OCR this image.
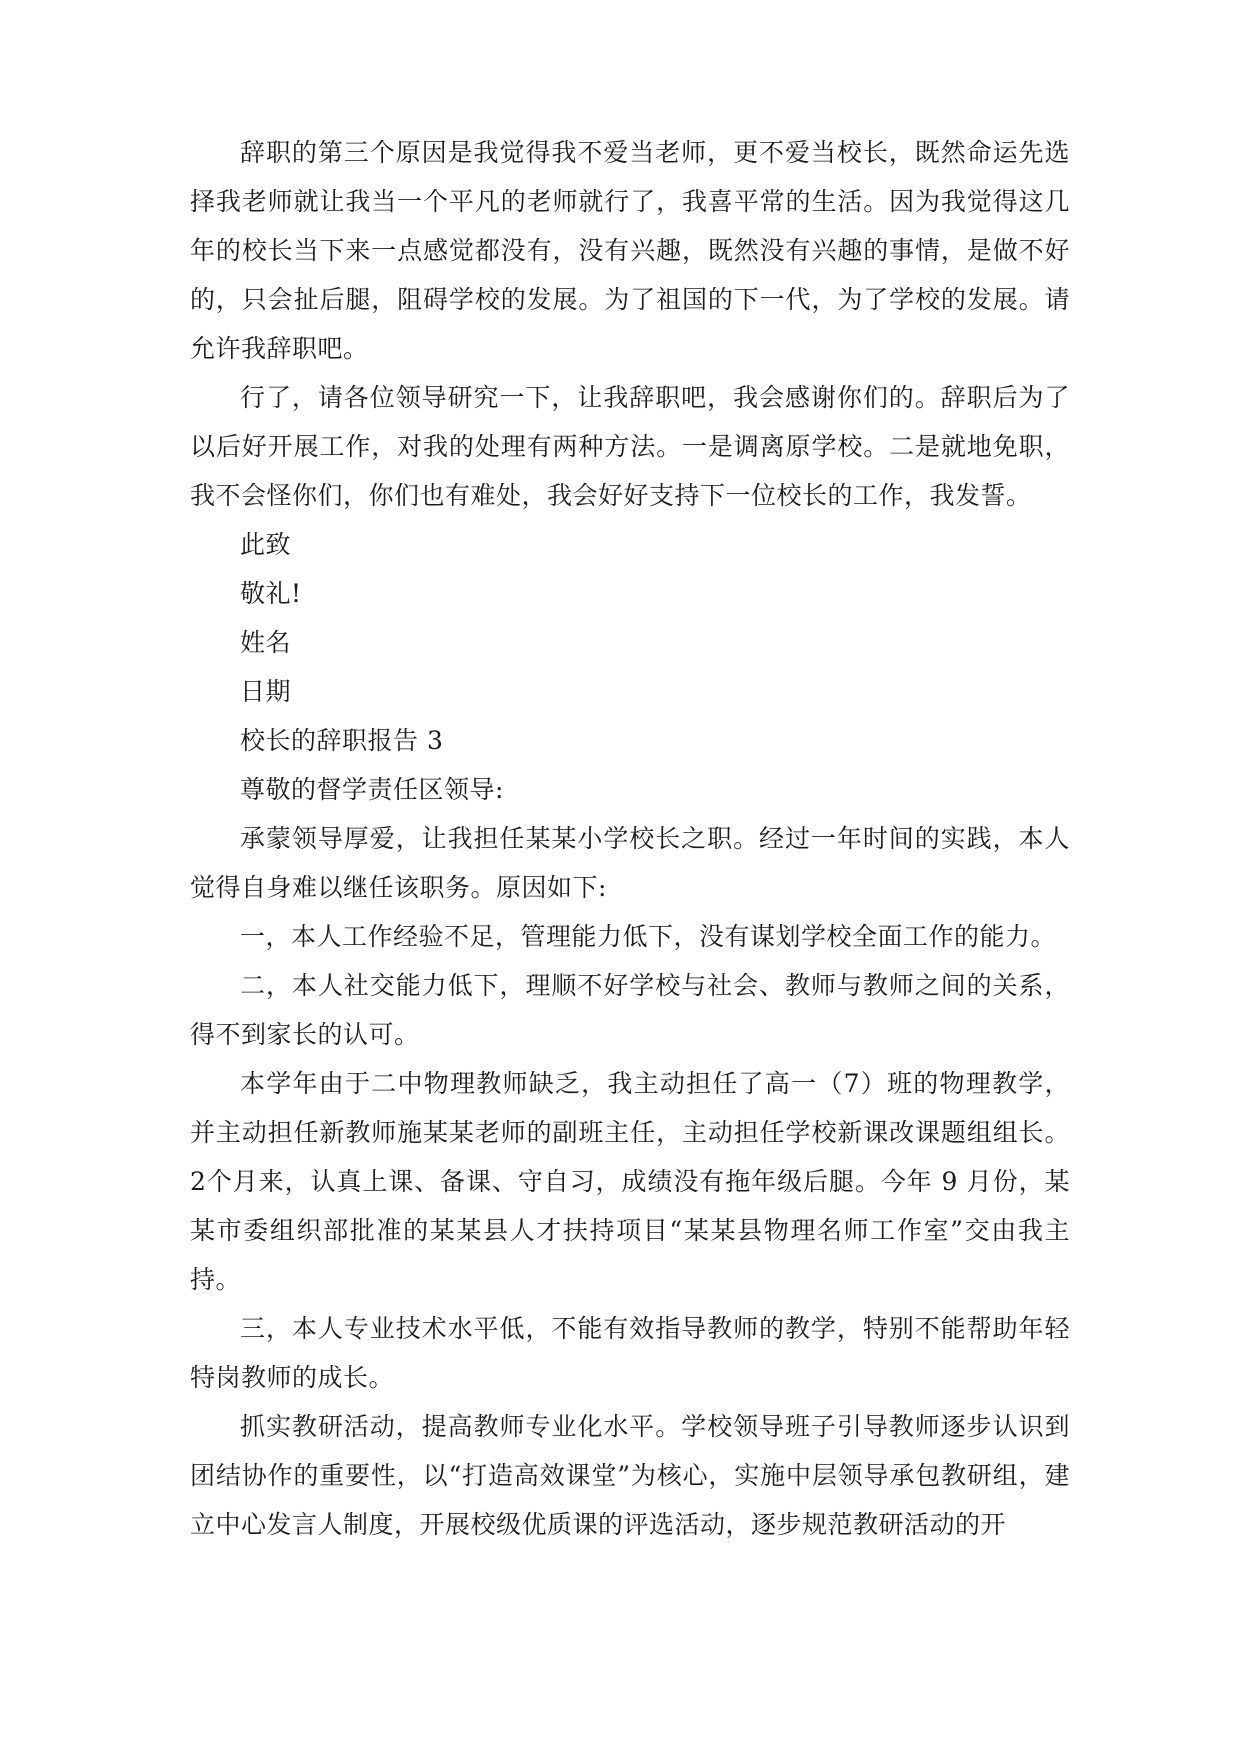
辞职的第三个原因是我觉得我不爱当老师，更不爱当校长，既然命运先选择我老师就让我当一个平凡的老师就行了，我喜平常的生活。因为我觉得这几年的校长当下来一点感觉都没有，没有兴趣，既然没有兴趣的事情，是做不好的，只会扯后腿，阻碍学校的发展。为了祖国的下一代，为了学校的发展。请允许我辞职吧。

行了，请各位领导研究一下，让我辞职吧，我会感谢你们的。辞职后为了以后好开展工作，对我的处理有两种方法。一是调离原学校。二是就地免职，我不会怪你们，你们也有难处，我会好好支持下一位校长的工作，我发誓。

此致

敬礼!

姓名

日期

校长的辞职报告 3

尊敬的督学责任区领导:

承蒙领导厚爱，让我担任某某小学校长之职。经过一年时间的实践，本人觉得自身难以继任该职务。原因如下:

一，本人工作经验不足，管理能力低下，没有谋划学校全面工作的能力。

二，本人社交能力低下，理顺不好学校与社会、教师与教师之间的关系，得不到家长的认可。

本学年由于二中物理教师缺乏，我主动担任了高一（7）班的物理教学，并主动担任新教师施某某老师的副班主任，主动担任学校新课改课题组组长。2个月来，认真上课、备课、守自习，成绩没有拖年级后腿。今年 9 月份，某某市委组织部批准的某某县人才扶持项目“某某县物理名师工作室”交由我主持。

三，本人专业技术水平低，不能有效指导教师的教学，特别不能帮助年轻特岗教师的成长。

抓实教研活动，提高教师专业化水平。学校领导班子引导教师逐步认识到团结协作的重要性，以“打造高效课堂”为核心，实施中层领导承包教研组，建立中心发言人制度，开展校级优质课的评选活动，逐步规范教研活动的开
